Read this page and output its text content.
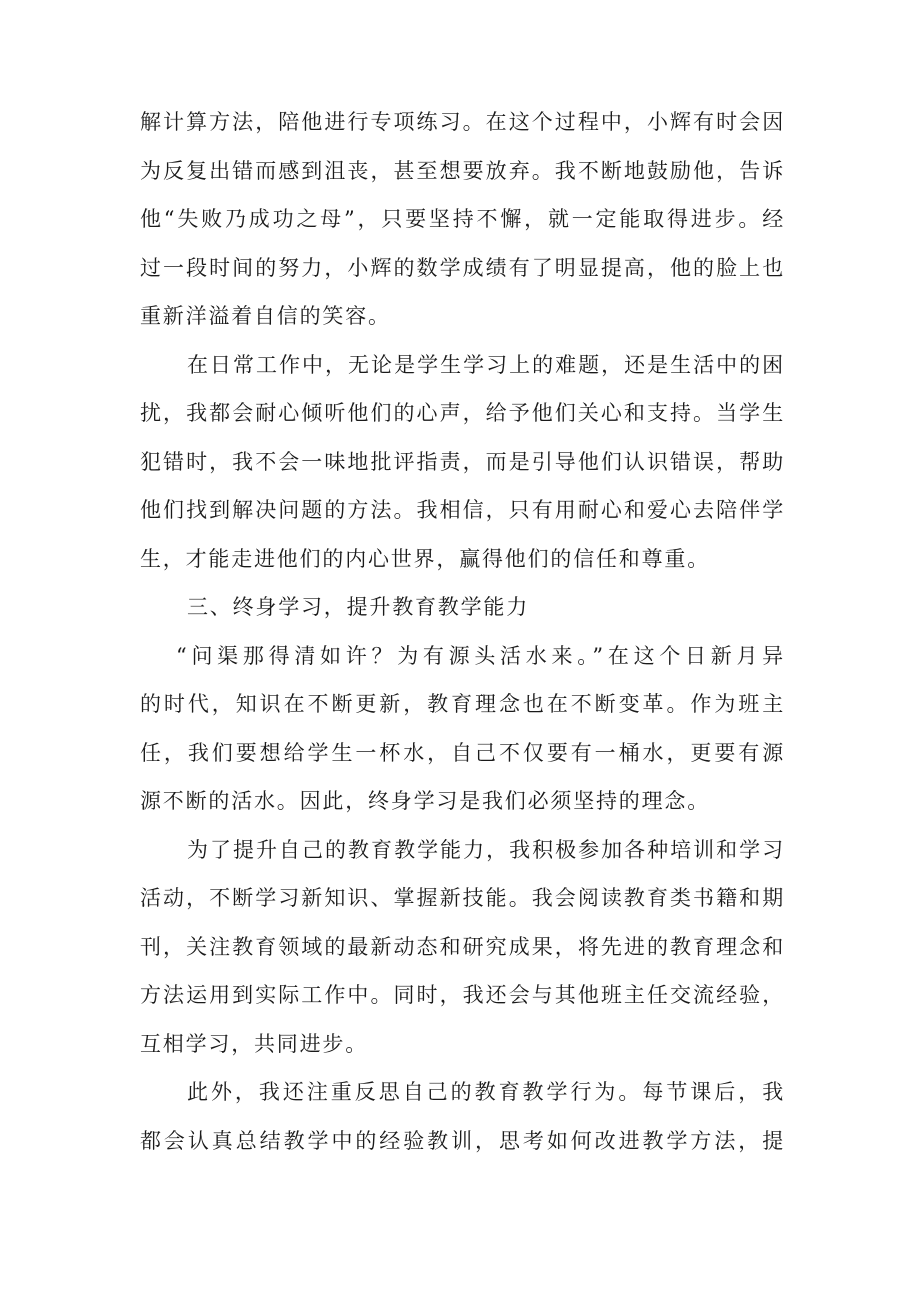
解计算方法，陪他进行专项练习。在这个过程中，小辉有时会因
为反复出错而感到沮丧，甚至想要放弃。我不断地鼓励他，告诉
他“失败乃成功之母”，只要坚持不懈，就一定能取得进步。经
过一段时间的努力，小辉的数学成绩有了明显提高，他的脸上也
重新洋溢着自信的笑容。
在日常工作中，无论是学生学习上的难题，还是生活中的困
扰，我都会耐心倾听他们的心声，给予他们关心和支持。当学生
犯错时，我不会一味地批评指责，而是引导他们认识错误，帮助
他们找到解决问题的方法。我相信，只有用耐心和爱心去陪伴学
生，才能走进他们的内心世界，赢得他们的信任和尊重。
三、终身学习，提升教育教学能力
“问渠那得清如许？为有源头活水来。”在这个日新月异
的时代，知识在不断更新，教育理念也在不断变革。作为班主
任，我们要想给学生一杯水，自己不仅要有一桶水，更要有源
源不断的活水。因此，终身学习是我们必须坚持的理念。
为了提升自己的教育教学能力，我积极参加各种培训和学习
活动，不断学习新知识、掌握新技能。我会阅读教育类书籍和期
刊，关注教育领域的最新动态和研究成果，将先进的教育理念和
方法运用到实际工作中。同时，我还会与其他班主任交流经验，
互相学习，共同进步。
此外，我还注重反思自己的教育教学行为。每节课后，我
都会认真总结教学中的经验教训，思考如何改进教学方法，提
